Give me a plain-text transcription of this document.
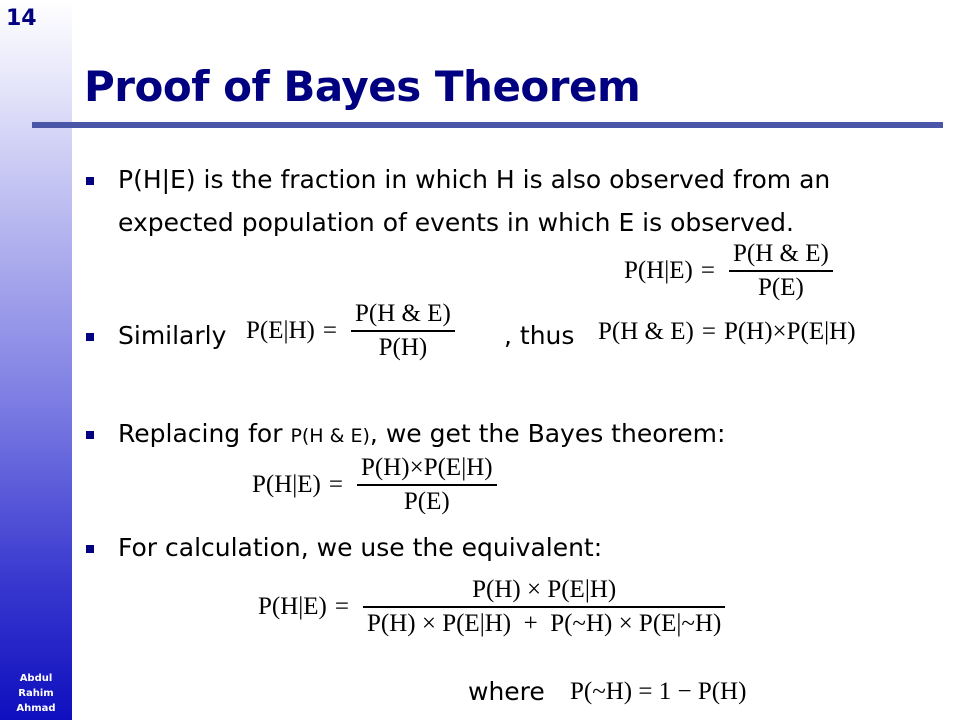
14
Abdul
Rahim
Ahmad
Proof of Bayes Theorem
P(H|E) is the fraction in which H is also observed from an
expected population of events in which E is observed.
$P(H|E) = \frac{P(H \& E)}{P(E)}$
Similarly $P(E|H) = \frac{P(H \& E)}{P(H)}$ , thus P(H & E) = P(H)×P(E|H)
Replacing for P(H & E), we get the Bayes theorem:
$P(H|E) = \frac{P(H)\times P(E|H)}{P(E)}$
For calculation, we use the equivalent:
$P(H|E) = \frac{P(H) \times P(E|H)}{P(H) \times P(E|H) + P(\sim H) \times P(E|\sim H)}$
where P(~H) = 1 − P(H)
